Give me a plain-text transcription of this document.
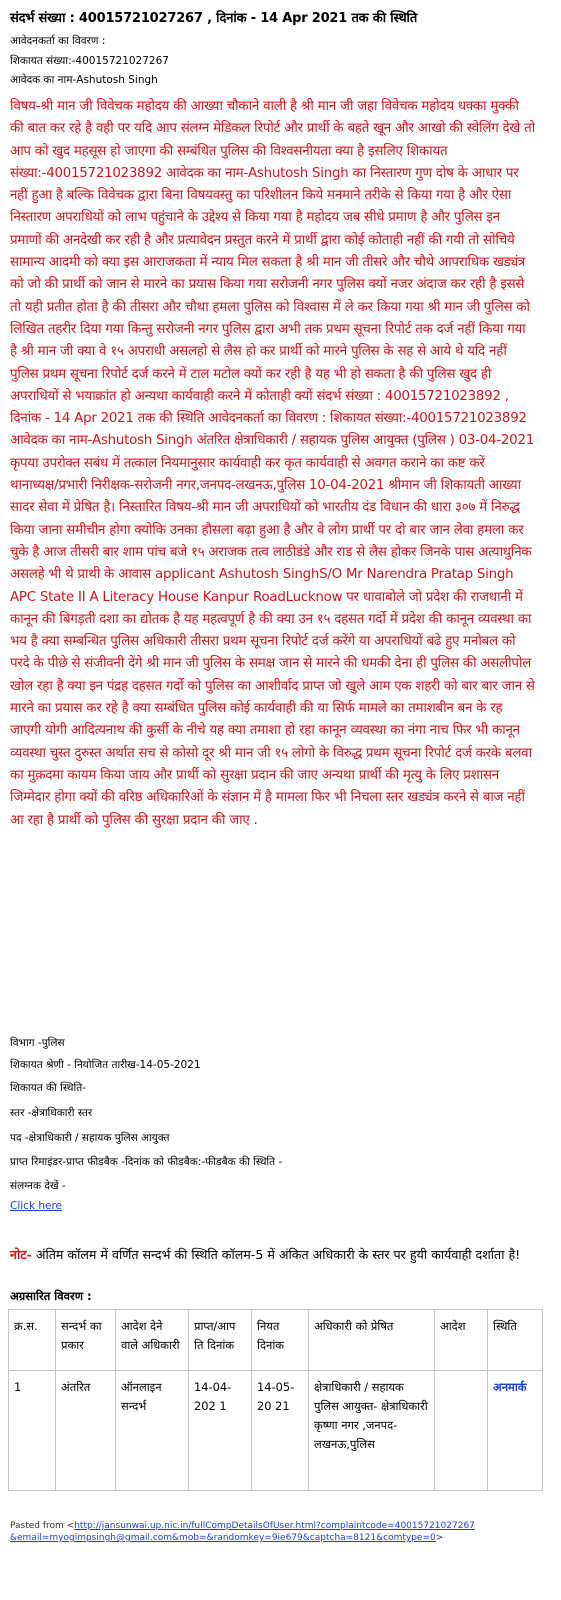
संदर्भ संख्या : 40015721027267 , दिनांक - 14 Apr 2021 तक की स्थिति
आवेदनकर्ता का विवरण :
शिकायत संख्या:-40015721027267
आवेदक का नाम-Ashutosh Singh
विषय-श्री मान जी विवेचक महोदय की आख्या चौकाने वाली है श्री मान जी जहा विवेचक महोदय धक्का मुक्की की बात कर रहे है वही पर यदि आप संलग्न मेडिकल रिपोर्ट और प्रार्थी के बहते खून और आखो की स्वेलिंग देखे तो आप को खुद महसूस हो जाएगा की सम्बंधित पुलिस की विश्वसनीयता क्या है इसलिए शिकायत संख्या:-40015721023892 आवेदक का नाम-Ashutosh Singh का निस्तारण गुण दोष के आधार पर नहीं हुआ है बल्कि विवेचक द्वारा बिना विषयवस्तु का परिशीलन किये मनमाने तरीके से किया गया है और ऐसा निस्तारण अपराधियों को लाभ पहुंचाने के उद्देश्य से किया गया है महोदय जब सीधे प्रमाण है और पुलिस इन प्रमाणों की अनदेखी कर रही है और प्रत्यावेदन प्रस्तुत करने में प्रार्थी द्वारा कोई कोताही नहीं की गयी तो सोचिये सामान्य आदमी को क्या इस आराजकता में न्याय मिल सकता है श्री मान जी तीसरे और चौथे आपराधिक खड्यंत्र को जो की प्रार्थी को जान से मारने का प्रयास किया गया सरोजनी नगर पुलिस क्यों नजर अंदाज कर रही है इससे तो यही प्रतीत होता है की तीसरा और चौथा हमला पुलिस को विश्वास में ले कर किया गया श्री मान जी पुलिस को लिखित तहरीर दिया गया किन्तु सरोजनी नगर पुलिस द्वारा अभी तक प्रथम सूचना रिपोर्ट तक दर्ज नहीं किया गया है श्री मान जी क्या वे १५ अपराधी असलहो से लैस हो कर प्रार्थी को मारने पुलिस के सह से आये थे यदि नहीं पुलिस प्रथम सूचना रिपोर्ट दर्ज करने में टाल मटोल क्यों कर रही है यह भी हो सकता है की पुलिस खुद ही अपराधियों से भयाक्रांत हो अन्यथा कार्यवाही करने में कोताही क्यों संदर्भ संख्या : 40015721023892 , दिनांक - 14 Apr 2021 तक की स्थिति आवेदनकर्ता का विवरण : शिकायत संख्या:-40015721023892 आवेदक का नाम-Ashutosh Singh अंतरित क्षेत्राधिकारी / सहायक पुलिस आयुक्त (पुलिस ) 03-04-2021 कृपया उपरोक्त सबंध में तत्काल नियमानुसार कार्यवाही कर कृत कार्यवाही से अवगत कराने का कष्ट करें थानाध्यक्ष/प्रभारी निरीक्षक-सरोजनी नगर,जनपद-लखनऊ,पुलिस 10-04-2021 श्रीमान जी शिकायती आख्या सादर सेवा में प्रेषित है। निस्तारित विषय-श्री मान जी अपराधियों को भारतीय दंड विधान की धारा ३०७ में निरुद्ध किया जाना समीचीन होगा क्योकि उनका हौसला बढ़ा हुआ है और वे लोग प्रार्थी पर दो बार जान लेवा हमला कर चुके है आज तीसरी बार शाम पांच बजे १५ अराजक तत्व लाठीडंडे और राड से लैस होकर जिनके पास अत्याधुनिक असलहे भी थे प्राथी के आवास applicant Ashutosh SinghS/O Mr Narendra Pratap Singh APC State II A Literacy House Kanpur RoadLucknow पर धावाबोले जो प्रदेश की राजधानी में कानून की बिगड़ती दशा का द्योतक है यह महत्वपूर्ण है की क्या उन १५ दहसत गर्दो में प्रदेश की कानून व्यवस्था का भय है क्या सम्बन्धित पुलिस अधिकारी तीसरा प्रथम सूचना रिपोर्ट दर्ज करेंगे या अपराधियों बढे हुए मनोबल को परदे के पीछे से संजीवनी देंगे श्री मान जी पुलिस के समक्ष जान से मारने की धमकी देना ही पुलिस की असलीपोल खोल रहा है क्या इन पंद्रह दहसत गर्दो को पुलिस का आशीर्वाद प्राप्त जो खुले आम एक शहरी को बार बार जान से मारने का प्रयास कर रहे है क्या सम्बंधित पुलिस कोई कार्यवाही की या सिर्फ मामले का तमाशबीन बन के रह जाएगी योगी आदित्यनाथ की कुर्सी के नीचे यह क्या तमाशा हो रहा कानून व्यवस्था का नंगा नाच फिर भी कानून व्यवस्था चुस्त दुरुस्त अर्थात सच से कोसो दूर श्री मान जी १५ लोगो के विरुद्ध प्रथम सूचना रिपोर्ट दर्ज करके बलवा का मुक़दमा कायम किया जाय और प्रार्थी को सुरक्षा प्रदान की जाए अन्यथा प्रार्थी की मृत्यु के लिए प्रशासन जिम्मेदार होगा क्यों की वरिष्ठ अधिकारिओं के संज्ञान में है मामला फिर भी निचला स्तर खड्यंत्र करने से बाज नहीं आ रहा है प्रार्थी को पुलिस की सुरक्षा प्रदान की जाए .
विभाग -पुलिस
शिकायत श्रेणी - नियोजित तारीख-14-05-2021
शिकायत की स्थिति-
स्तर -क्षेत्राधिकारी स्तर
पद -क्षेत्राधिकारी / सहायक पुलिस आयुक्त
प्राप्त रिमाइंडर-प्राप्त फीडबैक -दिनांक को फीडबैक:-फीडबैक की स्थिति -
संलग्नक देखें -
Click here
नोट- अंतिम कॉलम में वर्णित सन्दर्भ की स्थिति कॉलम-5 में अंकित अधिकारी के स्तर पर हुयी कार्यवाही दर्शाता है!
अग्रसारित विवरण :
क्र.स.	सन्दर्भ का प्रकार	आदेश देने वाले अधिकारी	प्राप्त/आप ति दिनांक	नियत दिनांक	अधिकारी को प्रेषित	आदेश	स्थिति
1	अंतरित	ऑनलाइन सन्दर्भ	14-04-202 1	14-05-20 21	क्षेत्राधिकारी / सहायक पुलिस आयुक्त- क्षेत्राधिकारी कृष्णा नगर ,जनपद-लखनऊ,पुलिस		अनमार्क
Pasted from <http://jansunwai.up.nic.in/fullCompDetailsOfUser.html?complaintcode=40015721027267 &email=myogimpsingh@gmail.com&mob=&randomkey=9ie679&captcha=8121&comtype=0>
